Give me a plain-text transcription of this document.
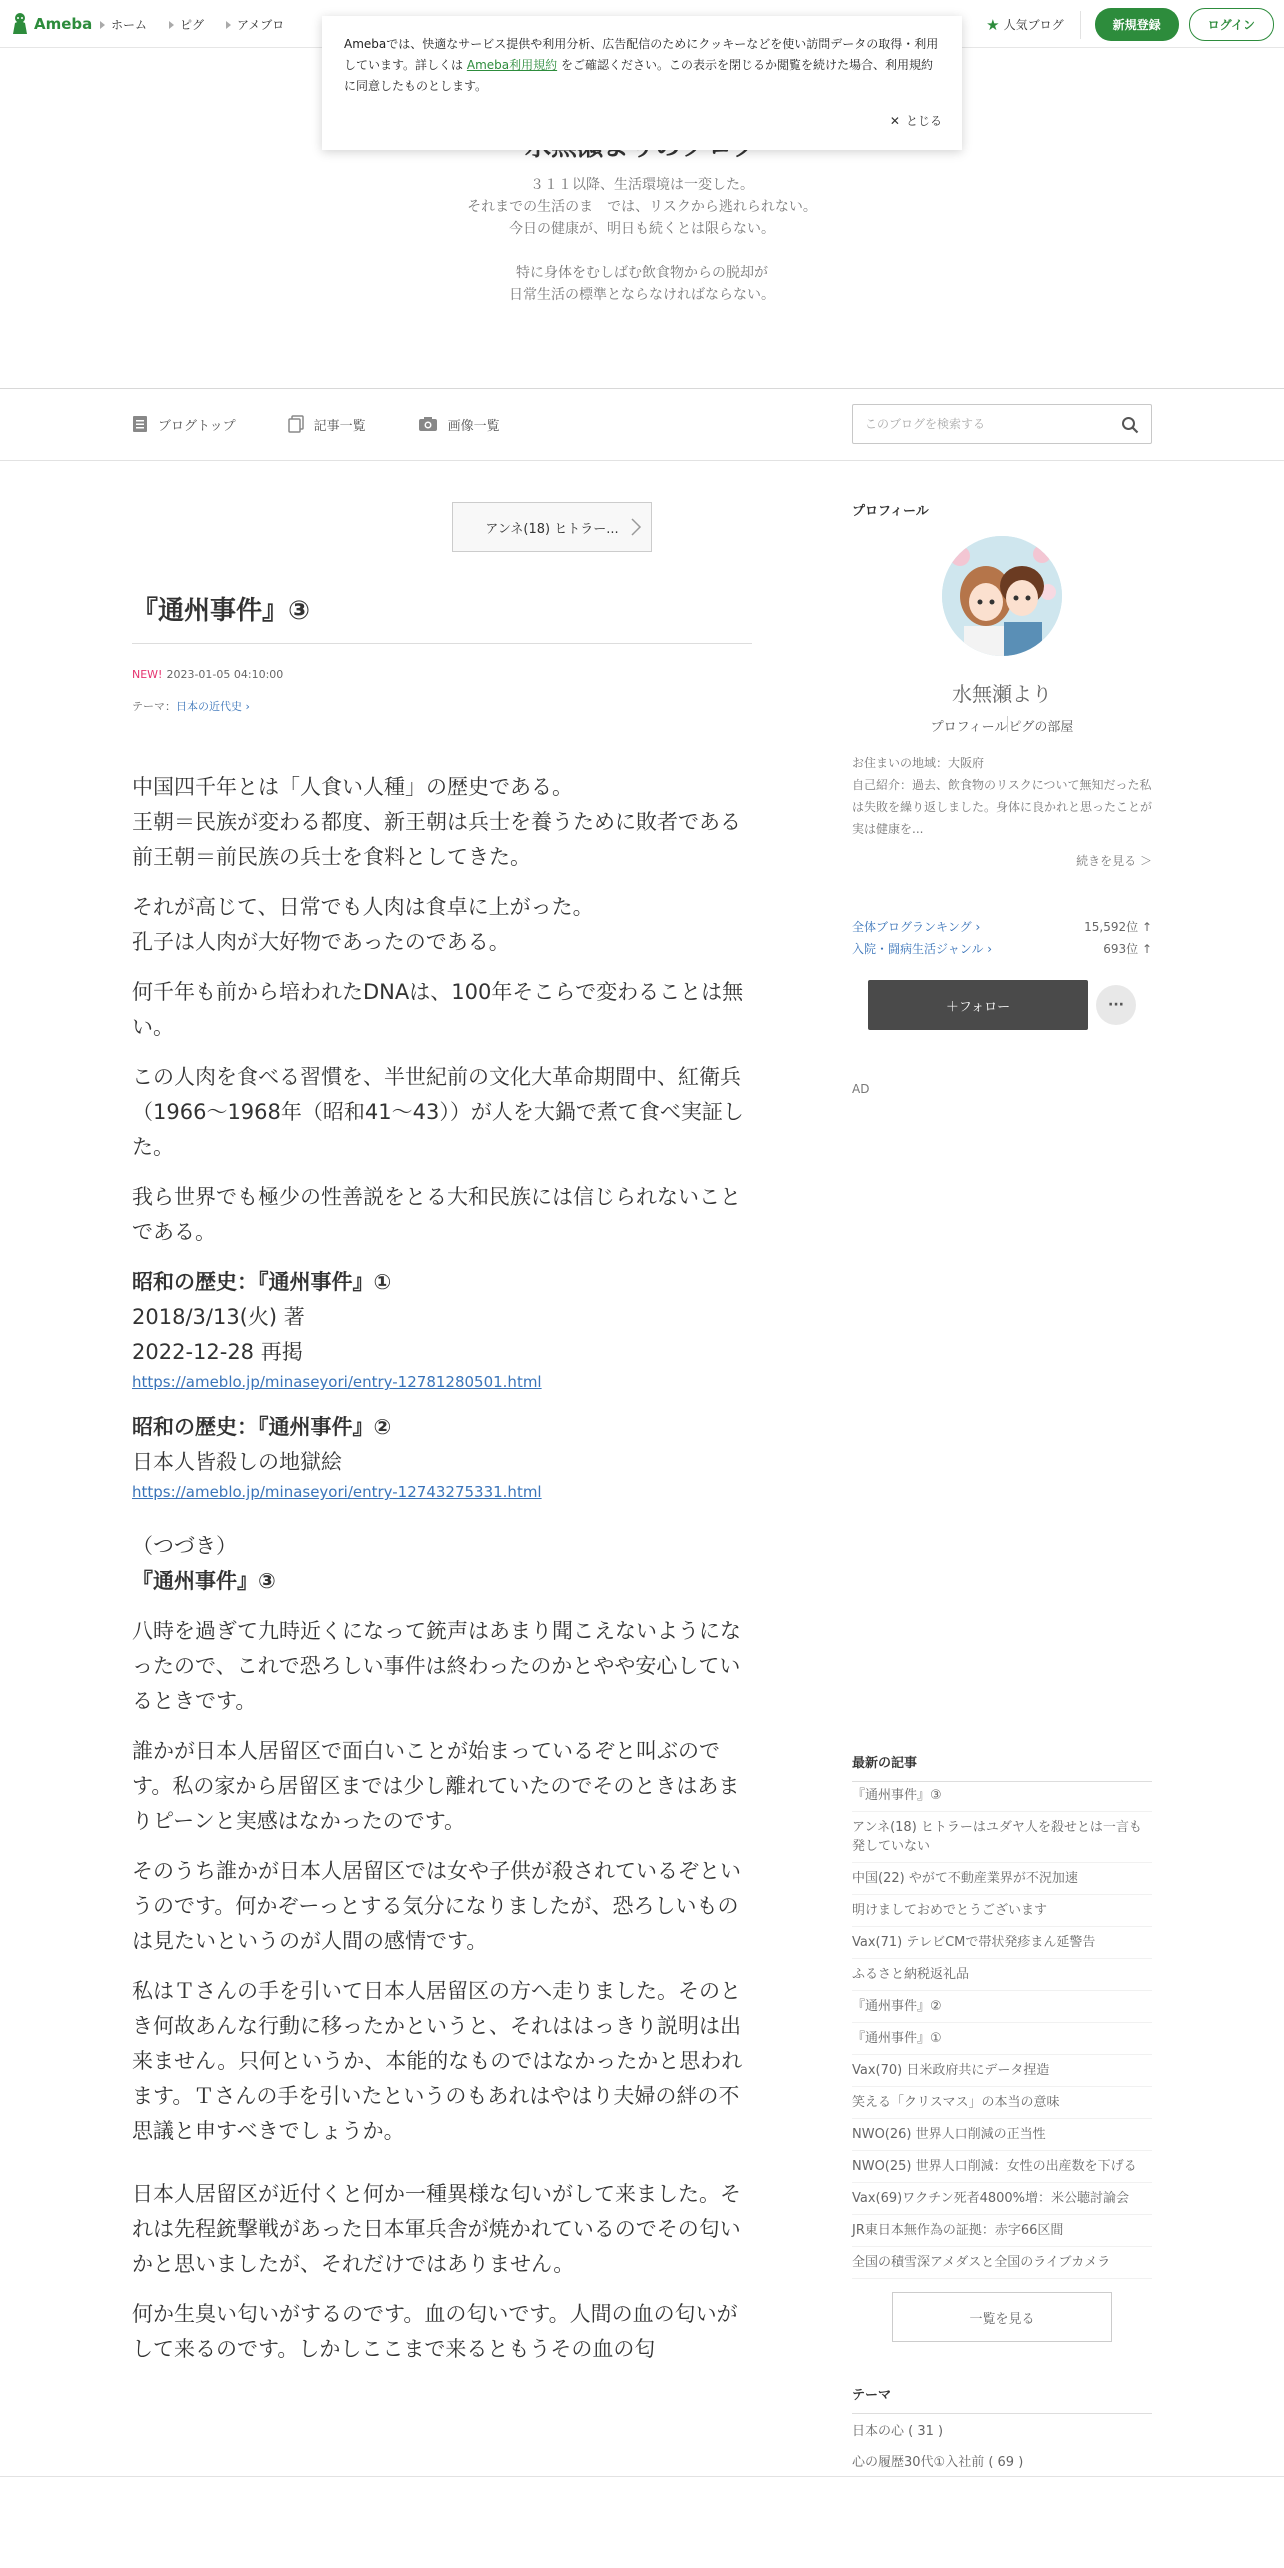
Ameba ホーム	ピグ	アメブロ	★ 人気ブログ	新規登録	ログイン
Amebaでは、快適なサービス提供や利用分析、広告配信のためにクッキーなどを使い訪問データの取得・利用しています。詳しくは Ameba利用規約 をご確認ください。この表示を閉じるか閲覧を続けた場合、利用規約に同意したものとします。
✕ とじる
３１１以降、生活環境は一変した。
それまでの生活のま　では、リスクから逃れられない。
今日の健康が、明日も続くとは限らない。

特に身体をむしばむ飲食物からの脱却が
日常生活の標準とならなければならない。
ブログトップ	記事一覧	画像一覧
このブログを検索する
アンネ(18) ヒトラー...
『通州事件』③
NEW! 2023-01-05 04:10:00
テーマ：日本の近代史 ›

中国四千年とは「人食い人種」の歴史である。
王朝＝民族が変わる都度、新王朝は兵士を養うために敗者である前王朝＝前民族の兵士を食料としてきた。

それが高じて、日常でも人肉は食卓に上がった。
孔子は人肉が大好物であったのである。

何千年も前から培われたDNAは、100年そこらで変わることは無い。

この人肉を食べる習慣を、半世紀前の文化大革命期間中、紅衛兵（1966～1968年（昭和41～43））が人を大鍋で煮て食べ実証した。

我ら世界でも極少の性善説をとる大和民族には信じられないことである。

昭和の歴史：『通州事件』①
2018/3/13(火) 著
2022-12-28 再掲
https://ameblo.jp/minaseyori/entry-12781280501.html

昭和の歴史：『通州事件』②
日本人皆殺しの地獄絵
https://ameblo.jp/minaseyori/entry-12743275331.html

（つづき）
『通州事件』③

八時を過ぎて九時近くになって銃声はあまり聞こえないようになったので、これで恐ろしい事件は終わったのかとやや安心しているときです。

誰かが日本人居留区で面白いことが始まっているぞと叫ぶのです。私の家から居留区までは少し離れていたのでそのときはあまりピーンと実感はなかったのです。

そのうち誰かが日本人居留区では女や子供が殺されているぞというのです。何かぞーっとする気分になりましたが、恐ろしいものは見たいというのが人間の感情です。

私はＴさんの手を引いて日本人居留区の方へ走りました。そのとき何故あんな行動に移ったかというと、それははっきり説明は出来ません。只何というか、本能的なものではなかったかと思われます。Ｔさんの手を引いたというのもあれはやはり夫婦の絆の不思議と申すべきでしょうか。

日本人居留区が近付くと何か一種異様な匂いがして来ました。それは先程銃撃戦があった日本軍兵舎が焼かれているのでその匂いかと思いましたが、それだけではありません。

何か生臭い匂いがするのです。血の匂いです。人間の血の匂いがして来るのです。しかしここまで来るともうその血の匂

プロフィール
水無瀬より
プロフィール ピグの部屋
お住まいの地域：大阪府
自己紹介：過去、飲食物のリスクについて無知だった私は失敗を繰り返しました。身体に良かれと思ったことが実は健康を...
続きを見る ＞
全体ブログランキング ›	15,592位 ↑
入院・闘病生活ジャンル ›	693位 ↑
＋フォロー	···
AD
最新の記事
『通州事件』③
アンネ(18) ヒトラーはユダヤ人を殺せとは一言も発していない
中国(22) やがて不動産業界が不況加速
明けましておめでとうございます
Vax(71) テレビCMで帯状発疹まん延警告
ふるさと納税返礼品
『通州事件』②
『通州事件』①
Vax(70) 日米政府共にデータ捏造
笑える「クリスマス」の本当の意味
NWO(26) 世界人口削減の正当性
NWO(25) 世界人口削減：女性の出産数を下げる
Vax(69)ワクチン死者4800%增：米公聴討論会
JR東日本無作為の証拠：赤字66区間
全国の積雪深アメダスと全国のライブカメラ
一覧を見る
テーマ
日本の心 ( 31 )
心の履歴30代①入社前 ( 69 )
